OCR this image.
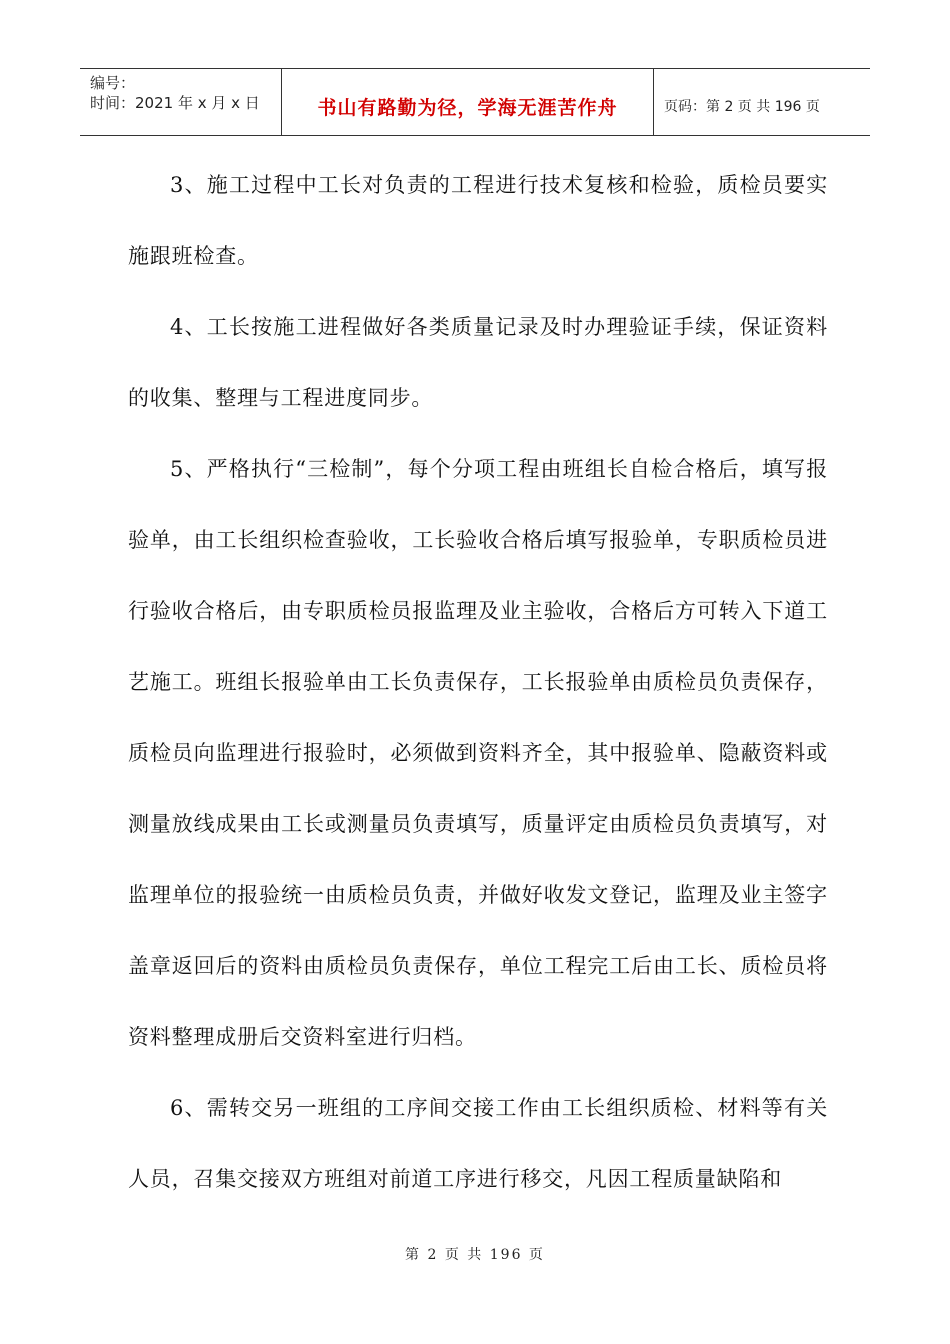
编号：
时间：2021 年 x 月 x 日	书山有路勤为径，学海无涯苦作舟	页码：第 2 页 共 196 页

3、施工过程中工长对负责的工程进行技术复核和检验，质检员要实施跟班检查。

4、工长按施工进程做好各类质量记录及时办理验证手续，保证资料的收集、整理与工程进度同步。

5、严格执行“三检制”，每个分项工程由班组长自检合格后，填写报验单，由工长组织检查验收，工长验收合格后填写报验单，专职质检员进行验收合格后，由专职质检员报监理及业主验收，合格后方可转入下道工艺施工。班组长报验单由工长负责保存，工长报验单由质检员负责保存，质检员向监理进行报验时，必须做到资料齐全，其中报验单、隐蔽资料或测量放线成果由工长或测量员负责填写，质量评定由质检员负责填写，对监理单位的报验统一由质检员负责，并做好收发文登记，监理及业主签字盖章返回后的资料由质检员负责保存，单位工程完工后由工长、质检员将资料整理成册后交资料室进行归档。

6、需转交另一班组的工序间交接工作由工长组织质检、材料等有关人员，召集交接双方班组对前道工序进行移交，凡因工程质量缺陷和

第 2 页 共 196 页
